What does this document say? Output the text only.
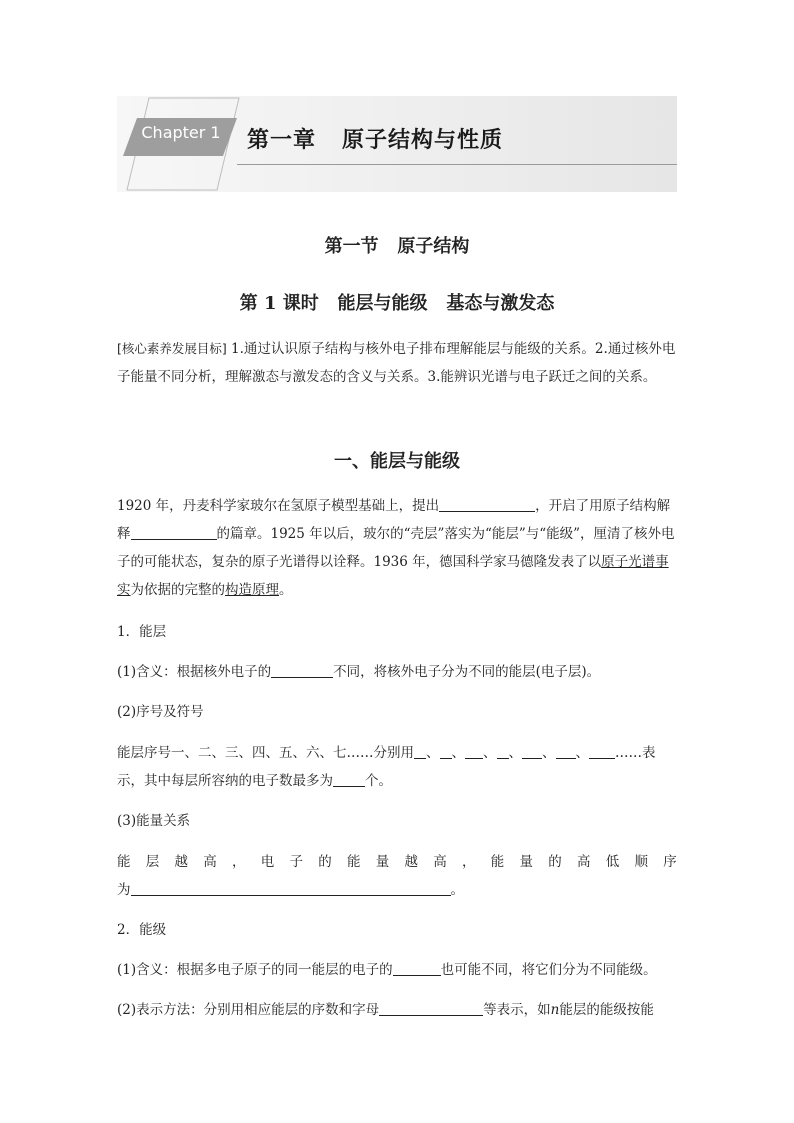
Chapter 1	第一章   原子结构与性质
第一节   原子结构
第 1 课时   能层与能级   基态与激发态
[核心素养发展目标] 1.通过认识原子结构与核外电子排布理解能层与能级的关系。2.通过核外电子能量不同分析，理解激态与激发态的含义与关系。3.能辨识光谱与电子跃迁之间的关系。
一、能层与能级
1920 年，丹麦科学家玻尔在氢原子模型基础上，提出	，开启了用原子结构解释	的篇章。1925 年以后，玻尔的“壳层”落实为“能层”与“能级”，厘清了核外电子的可能状态，复杂的原子光谱得以诠释。1936 年，德国科学家马德隆发表了以原子光谱事实为依据的完整的构造原理。
1．能层
(1)含义：根据核外电子的	不同，将核外电子分为不同的能层(电子层)。
(2)序号及符号
能层序号一、二、三、四、五、六、七……分别用 、 、 、 、 、 、 ……表
示，其中每层所容纳的电子数最多为 个。
(3)能量关系
能 层 越 高 ， 电 子 的 能 量 越 高 ， 能 量 的 高 低 顺 序
为	。
2．能级
(1)含义：根据多电子原子的同一能层的电子的	也可能不同，将它们分为不同能级。
(2)表示方法：分别用相应能层的序数和字母	等表示，如n能层的能级按能
